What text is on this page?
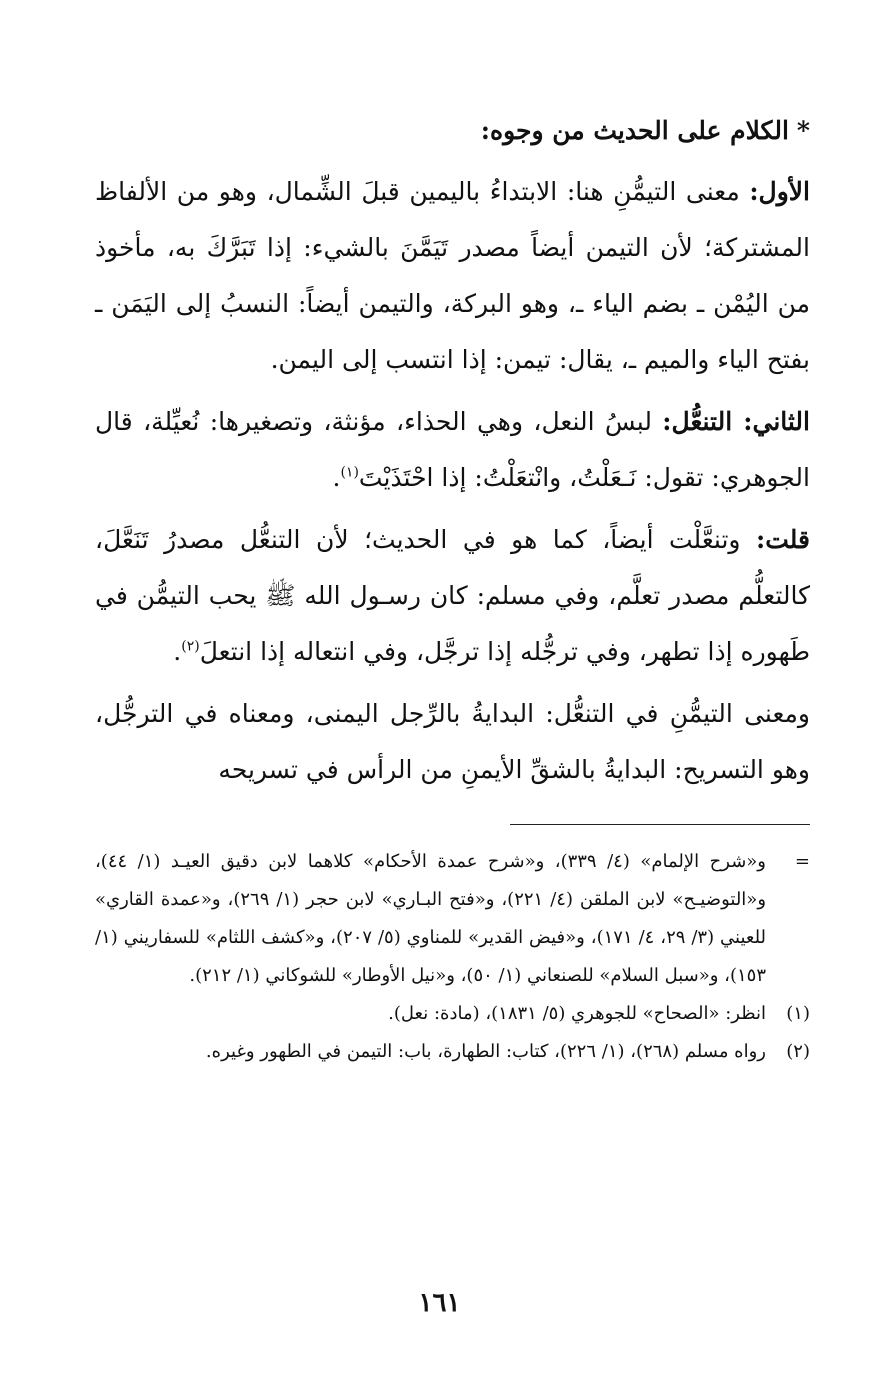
*الكلام على الحديث من وجوه:

الأول: معنى التيمُّنِ هنا: الابتداءُ باليمين قبلَ الشِّمال، وهو من الألفاظ المشتركة؛ لأن التيمن أيضاً مصدر تَيَمَّنَ بالشيء: إذا تَبَرَّكَ به، مأخوذ من اليُمْن ـ بضم الياء ـ، وهو البركة، والتيمن أيضاً: النسبُ إلى اليَمَن ـ بفتح الياء والميم ـ، يقال: تيمن: إذا انتسب إلى اليمن.

الثاني: التنعُّل: لبسُ النعل، وهي الحذاء، مؤنثة، وتصغيرها: نُعيِّلة، قال الجوهري: تقول: نَـعَلْتُ، وانْتعَلْتُ: إذا احْتَذَيْتَ$^{(١)}$.

قلت: وتنعَّلْت أيضاً، كما هو في الحديث؛ لأن التنعُّل مصدرُ تَنَعَّلَ، كالتعلُّم مصدر تعلَّم، وفي مسلم: كان رسـول الله ﷺ يحب التيمُّن في طَهوره إذا تطهر، وفي ترجُّله إذا ترجَّل، وفي انتعاله إذا انتعلَ$^{(٢)}$.

ومعنى التيمُّنِ في التنعُّل: البدايةُ بالرِّجل اليمنى، ومعناه في الترجُّل، وهو التسريح: البدايةُ بالشقِّ الأيمنِ من الرأس في تسريحه

=
و«شرح الإلمام» (٤/ ٣٣٩)، و«شرح عمدة الأحكام» كلاهما لابن دقيق العيـد (١/ ٤٤)، و«التوضيـح» لابن الملقن (٤/ ٢٢١)، و«فتح البـاري» لابن حجر (١/ ٢٦٩)، و«عمدة القاري» للعيني (٣/ ٢٩، ٤/ ١٧١)، و«فيض القدير» للمناوي (٥/ ٢٠٧)، و«كشف اللثام» للسفاريني (١/ ١٥٣)، و«سبل السلام» للصنعاني (١/ ٥٠)، و«نيل الأوطار» للشوكاني (١/ ٢١٢).
(١)
انظر: «الصحاح» للجوهري (٥/ ١٨٣١)، (مادة: نعل).
(٢)
رواه مسلم (٢٦٨)، (١/ ٢٢٦)، كتاب: الطهارة، باب: التيمن في الطهور وغيره.
١٦١
